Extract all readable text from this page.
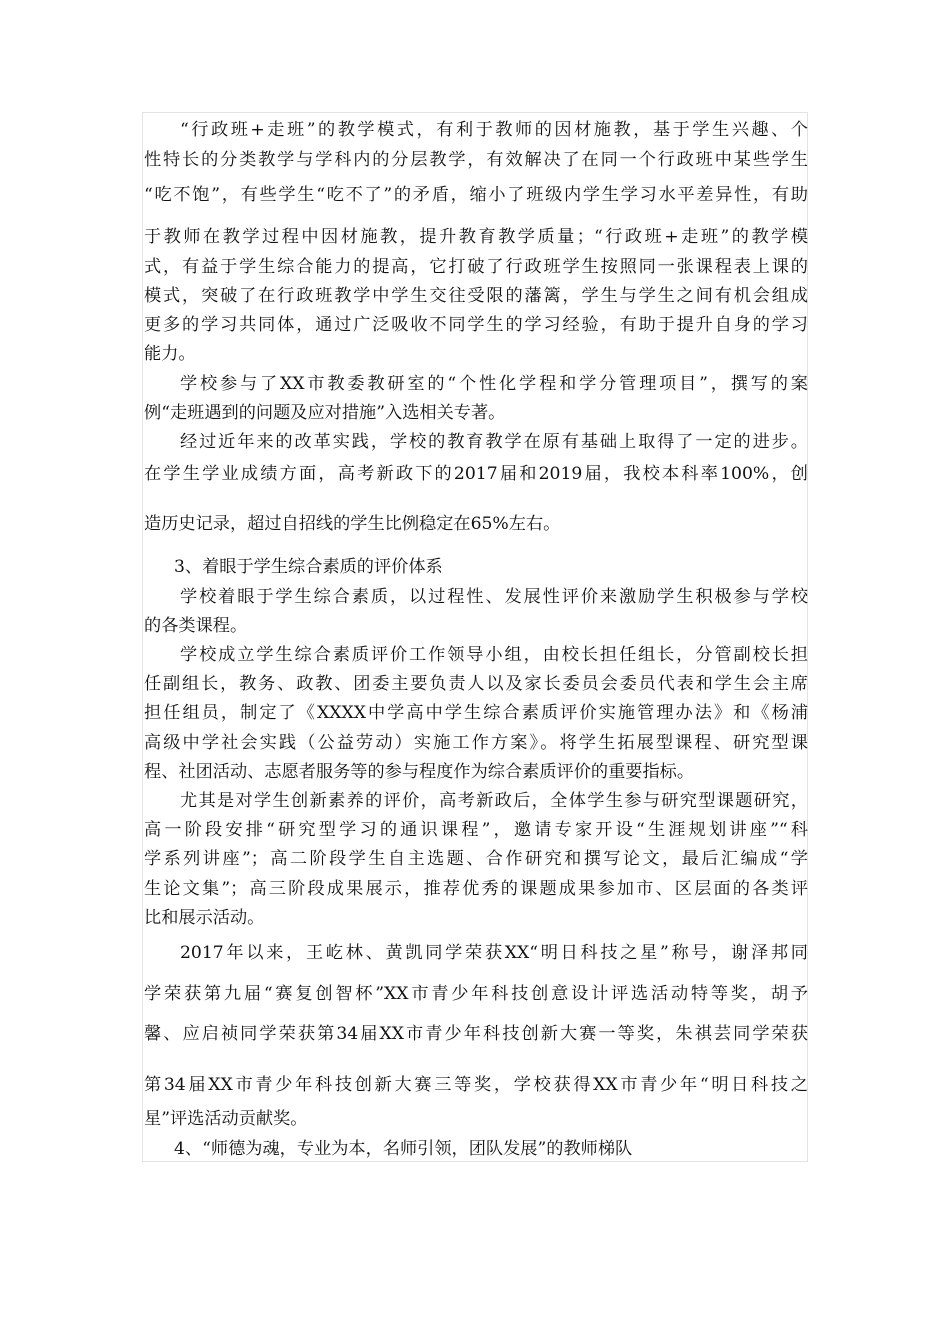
“行政班+走班”的教学模式，有利于教师的因材施教，基于学生兴趣、个
性特长的分类教学与学科内的分层教学，有效解决了在同一个行政班中某些学生
“吃不饱”，有些学生“吃不了”的矛盾，缩小了班级内学生学习水平差异性，有助
于教师在教学过程中因材施教，提升教育教学质量；“行政班+走班”的教学模
式，有益于学生综合能力的提高，它打破了行政班学生按照同一张课程表上课的
模式，突破了在行政班教学中学生交往受限的藩篱，学生与学生之间有机会组成
更多的学习共同体，通过广泛吸收不同学生的学习经验，有助于提升自身的学习
能力。
学校参与了XX市教委教研室的“个性化学程和学分管理项目”，撰写的案
例“走班遇到的问题及应对措施”入选相关专著。
经过近年来的改革实践，学校的教育教学在原有基础上取得了一定的进步。
在学生学业成绩方面，高考新政下的2017届和2019届，我校本科率100%，创
造历史记录，超过自招线的学生比例稳定在65%左右。
3、着眼于学生综合素质的评价体系
学校着眼于学生综合素质，以过程性、发展性评价来激励学生积极参与学校
的各类课程。
学校成立学生综合素质评价工作领导小组，由校长担任组长，分管副校长担
任副组长，教务、政教、团委主要负责人以及家长委员会委员代表和学生会主席
担任组员，制定了《XXXX中学高中学生综合素质评价实施管理办法》和《杨浦
高级中学社会实践（公益劳动）实施工作方案》。将学生拓展型课程、研究型课
程、社团活动、志愿者服务等的参与程度作为综合素质评价的重要指标。
尤其是对学生创新素养的评价，高考新政后，全体学生参与研究型课题研究，
高一阶段安排“研究型学习的通识课程”，邀请专家开设“生涯规划讲座”“科
学系列讲座”；高二阶段学生自主选题、合作研究和撰写论文，最后汇编成“学
生论文集”；高三阶段成果展示，推荐优秀的课题成果参加市、区层面的各类评
比和展示活动。
2017年以来，王屹林、黄凯同学荣获XX“明日科技之星”称号，谢泽邦同
学荣获第九届“赛复创智杯”XX市青少年科技创意设计评选活动特等奖，胡予
馨、应启祯同学荣获第34届XX市青少年科技创新大赛一等奖，朱祺芸同学荣获
第34届XX市青少年科技创新大赛三等奖，学校获得XX市青少年“明日科技之
星”评选活动贡献奖。
4、“师德为魂，专业为本，名师引领，团队发展”的教师梯队
